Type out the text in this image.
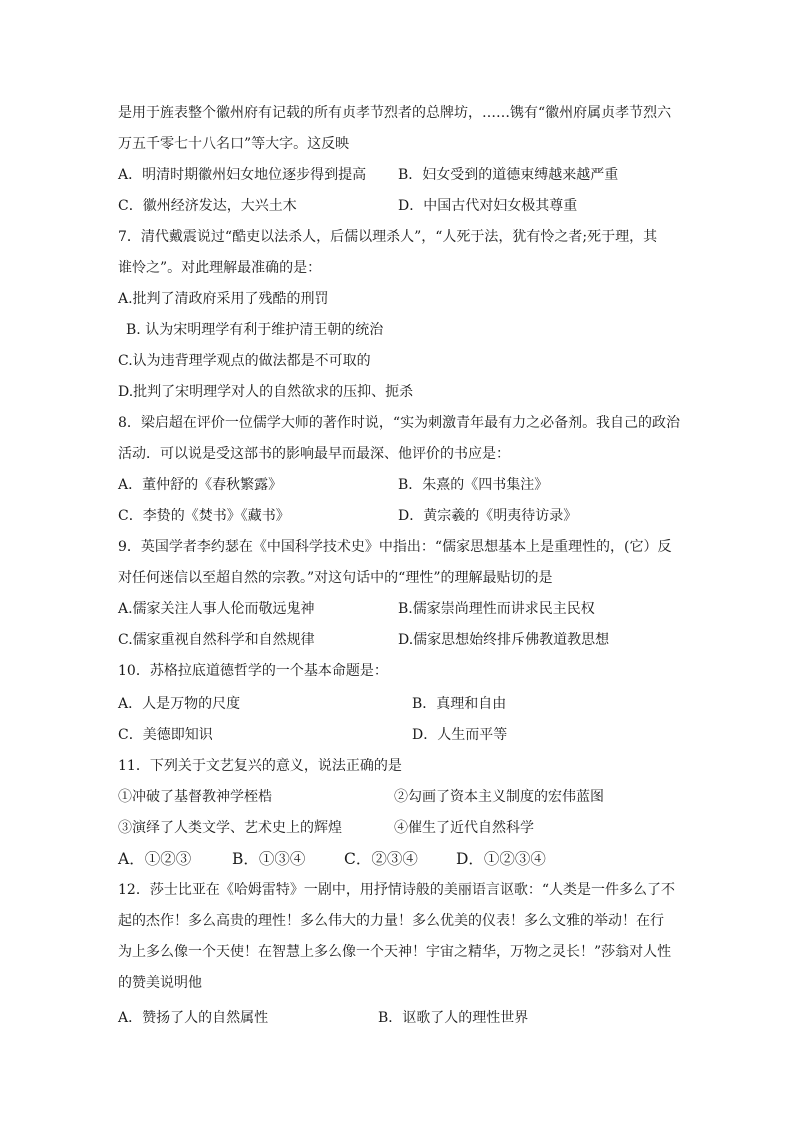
是用于旌表整个徽州府有记载的所有贞孝节烈者的总牌坊，……镌有“徽州府属贞孝节烈六
万五千零七十八名口”等大字。这反映
A．明清时期徽州妇女地位逐步得到提高 B．妇女受到的道德束缚越来越严重
C．徽州经济发达，大兴土木	D．中国古代对妇女极其尊重
7．清代戴震说过“酷吏以法杀人，后儒以理杀人”，“人死于法，犹有怜之者;死于理，其
谁怜之”。对此理解最准确的是：
A.批判了清政府采用了残酷的刑罚
B. 认为宋明理学有利于维护清王朝的统治
C.认为违背理学观点的做法都是不可取的
D.批判了宋明理学对人的自然欲求的压抑、扼杀
8．梁启超在评价一位儒学大师的著作时说，“实为刺激青年最有力之必备剂。我自己的政治
活动．可以说是受这部书的影响最早而最深、他评价的书应是：
A．董仲舒的《春秋繁露》	B．朱熹的《四书集注》
C．李贽的《焚书》《藏书》	D．黄宗羲的《明夷待访录》
9．英国学者李约瑟在《中国科学技术史》中指出：“儒家思想基本上是重理性的，(它）反
对任何迷信以至超自然的宗教。”对这句话中的“理性”的理解最贴切的是
A.儒家关注人事人伦而敬远鬼神	B.儒家崇尚理性而讲求民主民权
C.儒家重视自然科学和自然规律	D.儒家思想始终排斥佛教道教思想
10．苏格拉底道德哲学的一个基本命题是：
A．人是万物的尺度	B．真理和自由
C．美德即知识	D．人生而平等
11．下列关于文艺复兴的意义，说法正确的是
①冲破了基督教神学桎梏	②勾画了资本主义制度的宏伟蓝图
③演绎了人类文学、艺术史上的辉煌	④催生了近代自然科学
A．①②③	B．①③④ C．②③④ D．①②③④
12．莎士比亚在《哈姆雷特》一剧中，用抒情诗般的美丽语言讴歌：“人类是一件多么了不
起的杰作！多么高贵的理性！多么伟大的力量！多么优美的仪表！多么文雅的举动！在行
为上多么像一个天使！在智慧上多么像一个天神！宇宙之精华，万物之灵长！”莎翁对人性
的赞美说明他
A．赞扬了人的自然属性	B．讴歌了人的理性世界
